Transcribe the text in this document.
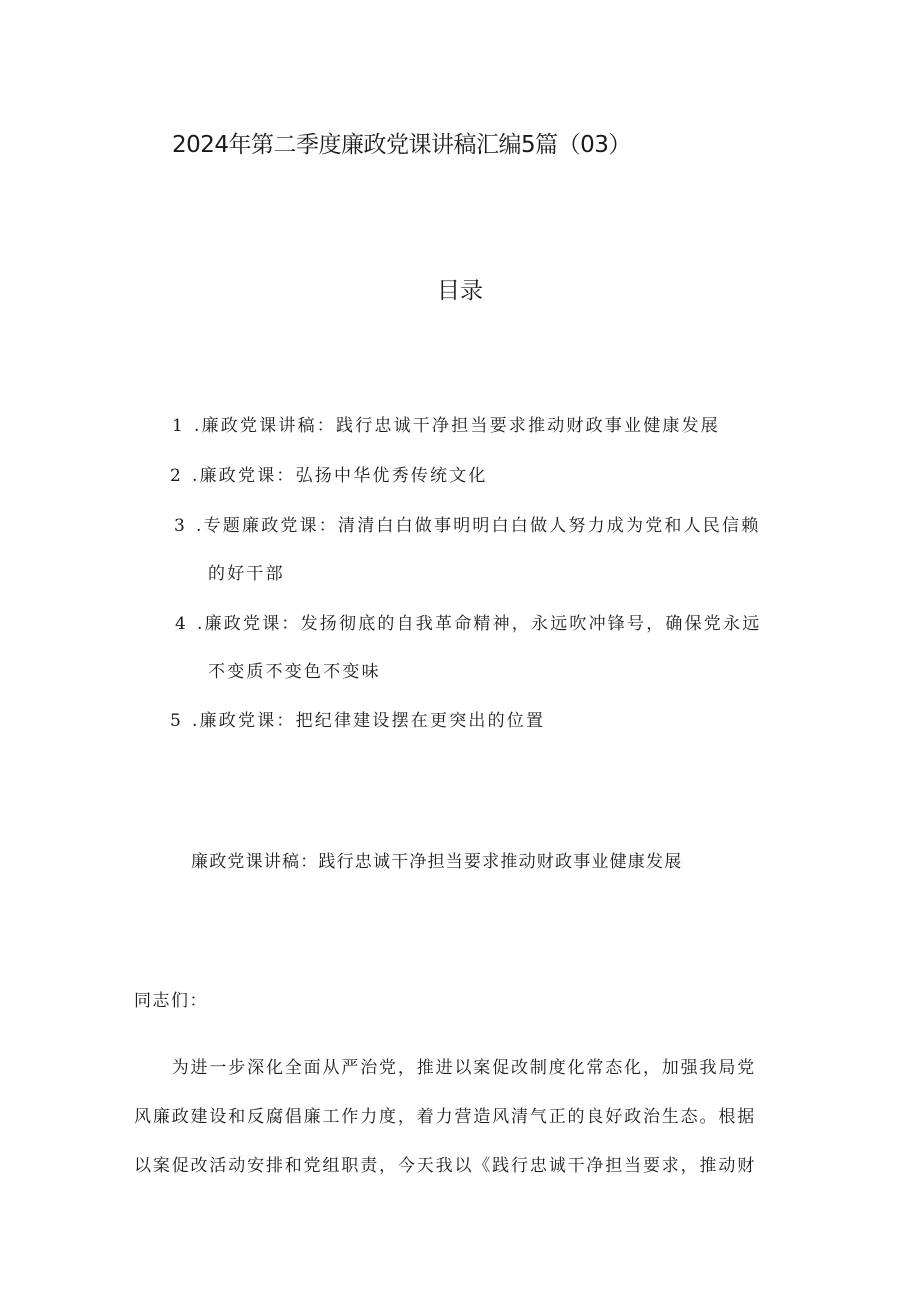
2024年第二季度廉政党课讲稿汇编5篇（03）
目录

1 .廉政党课讲稿：践行忠诚干净担当要求推动财政事业健康发展

2 .廉政党课：弘扬中华优秀传统文化

3 .专题廉政党课：清清白白做事明明白白做人努力成为党和人民信赖

的好干部

4 .廉政党课：发扬彻底的自我革命精神，永远吹冲锋号，确保党永远

不变质不变色不变味

5 .廉政党课：把纪律建设摆在更突出的位置

廉政党课讲稿：践行忠诚干净担当要求推动财政事业健康发展

同志们：

　　为进一步深化全面从严治党，推进以案促改制度化常态化，加强我局党

风廉政建设和反腐倡廉工作力度，着力营造风清气正的良好政治生态。根据

以案促改活动安排和党组职责，今天我以《践行忠诚干净担当要求，推动财
